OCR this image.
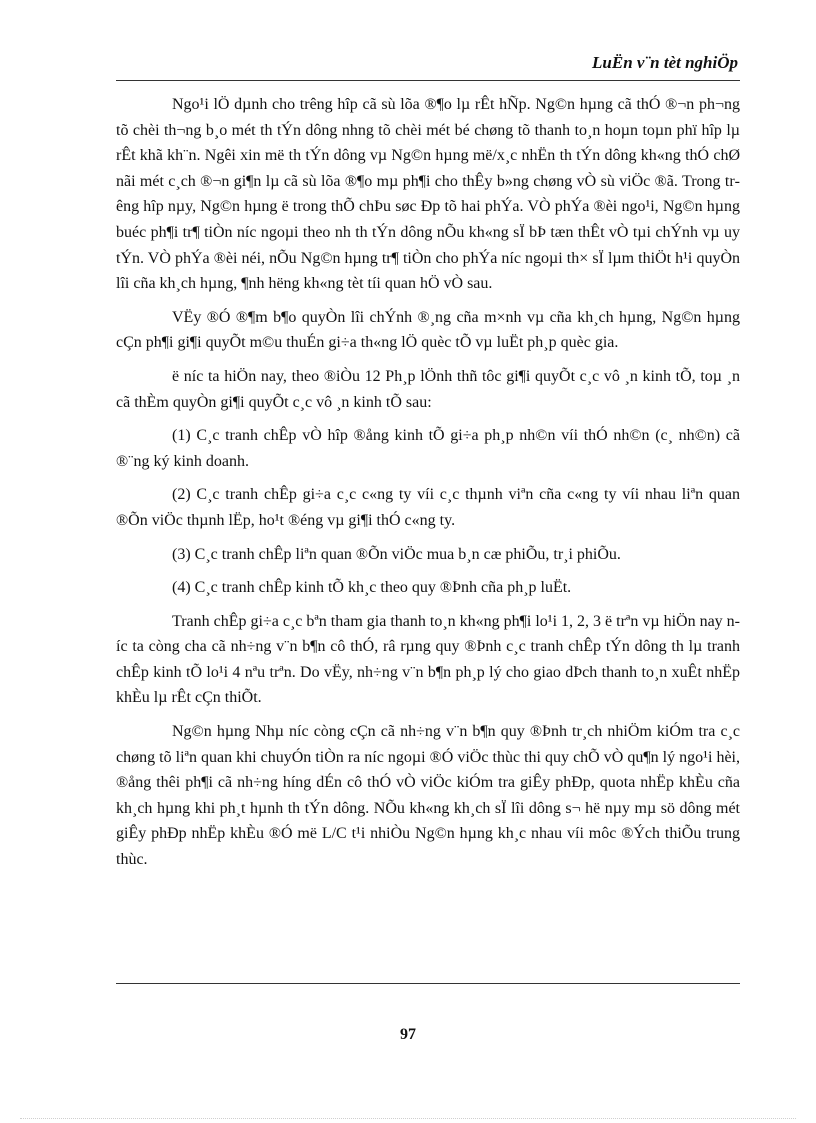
LuËn v¨n tèt nghiÖp

Ngo¹i lÖ dµnh cho trêng hîp cã sù lõa ®¶o lµ rÊt hÑp. Ng©n hµng cã thÓ ®¬n ph¬ng tõ chèi th¬ng b¸o mét th tÝn dông nhng tõ chèi mét bé chøng tõ thanh to¸n hoµn toµn phï hîp lµ rÊt khã kh¨n. Ngêi xin më th tÝn dông vµ Ng©n hµng më/x¸c nhËn th tÝn dông kh«ng thÓ chØ nãi mét c¸ch ®¬n gi¶n lµ cã sù lõa ®¶o mµ ph¶i cho thÊy b»ng chøng vÒ sù viÖc ®ã. Trong trêng hîp nµy, Ng©n hµng ë trong thÕ chÞu søc Ðp tõ hai phÝa. VÒ phÝa ®èi ngo¹i, Ng©n hµng buéc ph¶i tr¶ tiÒn níc ngoµi theo nh th tÝn dông nÕu kh«ng sÏ bÞ tæn thÊt vÒ tµi chÝnh vµ uy tÝn. VÒ phÝa ®èi néi, nÕu Ng©n hµng tr¶ tiÒn cho phÝa níc ngoµi th× sÏ lµm thiÖt h¹i quyÒn lîi cña kh¸ch hµng, ¶nh hëng kh«ng tèt tíi quan hÖ vÒ sau.

VËy ®Ó ®¶m b¶o quyÒn lîi chÝnh ®¸ng cña m×nh vµ cña kh¸ch hµng, Ng©n hµng cÇn ph¶i gi¶i quyÕt m©u thuÉn gi÷a th«ng lÖ quèc tÕ vµ luËt ph¸p quèc gia.

ë níc ta hiÖn nay, theo ®iÒu 12 Ph¸p lÖnh thñ tôc gi¶i quyÕt c¸c vô ¸n kinh tÕ, toµ ¸n cã thÈm quyÒn gi¶i quyÕt c¸c vô ¸n kinh tÕ sau:

(1) C¸c tranh chÊp vÒ hîp ®ång kinh tÕ gi÷a ph¸p nh©n víi thÓ nh©n (c¸ nh©n) cã ®¨ng ký kinh doanh.

(2) C¸c tranh chÊp gi÷a c¸c c«ng ty víi c¸c thµnh viªn cña c«ng ty víi nhau liªn quan ®Õn viÖc thµnh lËp, ho¹t ®éng vµ gi¶i thÓ c«ng ty.

(3) C¸c tranh chÊp liªn quan ®Õn viÖc mua b¸n cæ phiÕu, tr¸i phiÕu.

(4) C¸c tranh chÊp kinh tÕ kh¸c theo quy ®Þnh cña ph¸p luËt.

Tranh chÊp gi÷a c¸c bªn tham gia thanh to¸n kh«ng ph¶i lo¹i 1, 2, 3 ë trªn vµ hiÖn nay níc ta còng cha cã nh÷ng v¨n b¶n cô thÓ, râ rµng quy ®Þnh c¸c tranh chÊp tÝn dông th lµ tranh chÊp kinh tÕ lo¹i 4 nªu trªn. Do vËy, nh÷ng v¨n b¶n ph¸p lý cho giao dÞch thanh to¸n xuÊt nhËp khÈu lµ rÊt cÇn thiÕt.

Ng©n hµng Nhµ níc còng cÇn cã nh÷ng v¨n b¶n quy ®Þnh tr¸ch nhiÖm kiÓm tra c¸c chøng tõ liªn quan khi chuyÓn tiÒn ra níc ngoµi ®Ó viÖc thùc thi quy chÕ vÒ qu¶n lý ngo¹i hèi, ®ång thêi ph¶i cã nh÷ng híng dÉn cô thÓ vÒ viÖc kiÓm tra giÊy phÐp, quota nhËp khÈu cña kh¸ch hµng khi ph¸t hµnh th tÝn dông. NÕu kh«ng kh¸ch sÏ lîi dông s¬ hë nµy mµ sö dông mét giÊy phÐp nhËp khÈu ®Ó më L/C t¹i nhiÒu Ng©n hµng kh¸c nhau víi môc ®Ých thiÕu trung thùc.

97
